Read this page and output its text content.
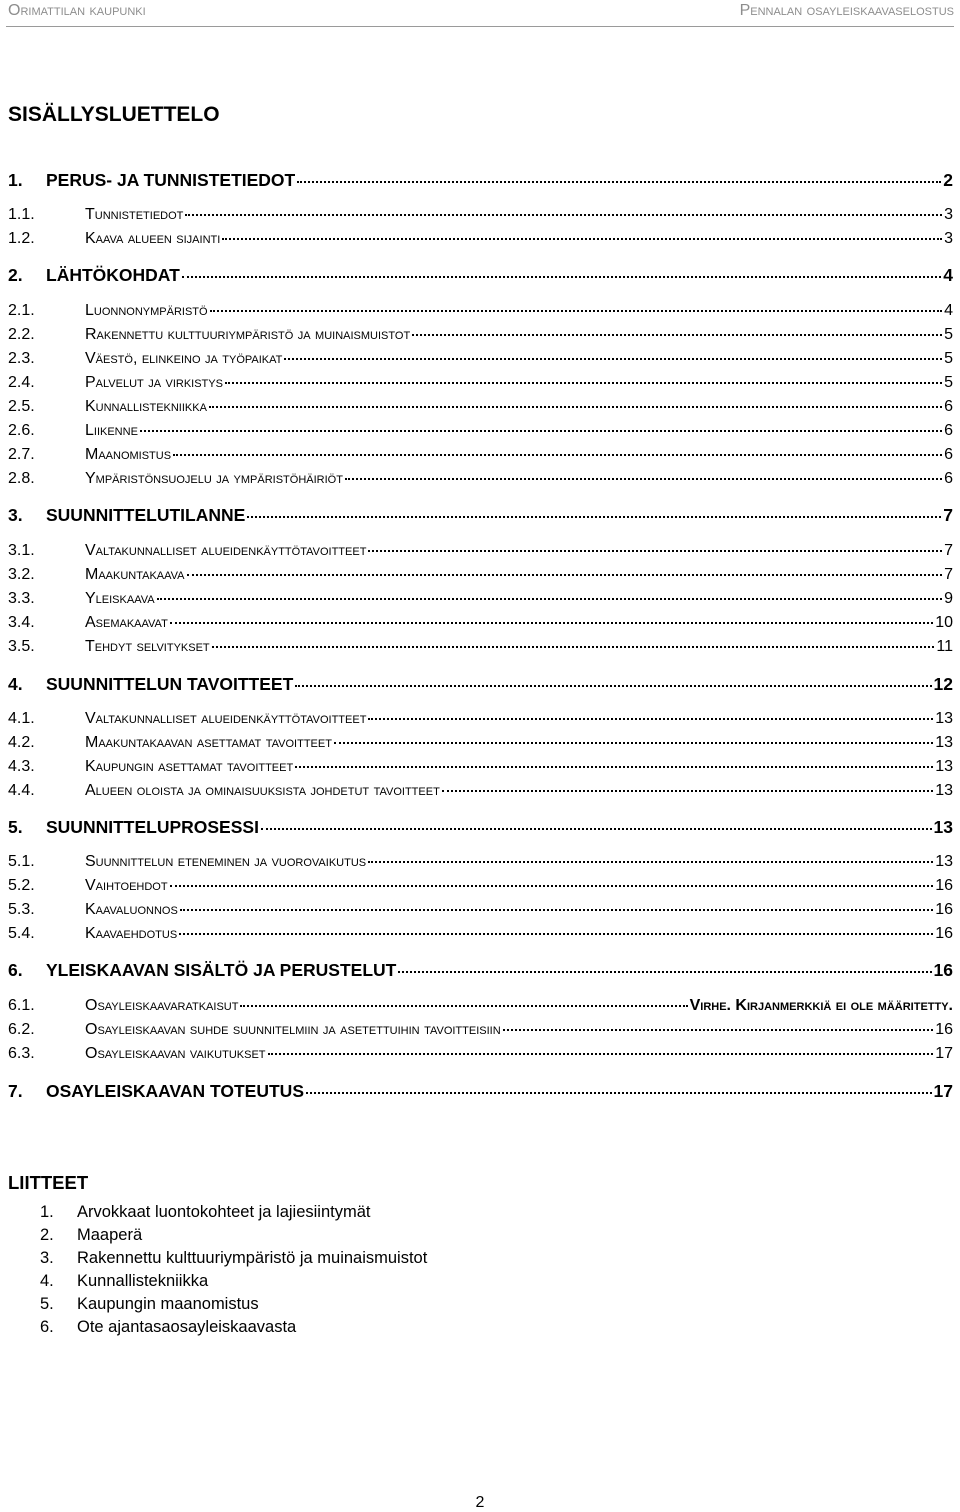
Orimattilan kaupunki	Pennalan osayleiskaavaselostus
SISÄLLYSLUETTELO
1.	PERUS- JA TUNNISTETIEDOT	2
1.1.	Tunnistetiedot	3
1.2.	Kaava alueen sijainti	3
2.	LÄHTÖKOHDAT	4
2.1.	Luonnonympäristö	4
2.2.	Rakennettu kulttuuriympäristö ja muinaismuistot	5
2.3.	Väestö, elinkeino ja työpaikat	5
2.4.	Palvelut ja virkistys	5
2.5.	Kunnallistekniikka	6
2.6.	Liikenne	6
2.7.	Maanomistus	6
2.8.	Ympäristönsuojelu ja ympäristöhäiriöt	6
3.	SUUNNITTELUTILANNE	7
3.1.	Valtakunnalliset alueidenkäyttötavoitteet	7
3.2.	Maakuntakaava	7
3.3.	Yleiskaava	9
3.4.	Asemakaavat	10
3.5.	Tehdyt selvitykset	11
4.	SUUNNITTELUN TAVOITTEET	12
4.1.	Valtakunnalliset alueidenkäyttötavoitteet	13
4.2.	Maakuntakaavan asettamat tavoitteet	13
4.3.	Kaupungin asettamat tavoitteet	13
4.4.	Alueen oloista ja ominaisuuksista johdetut tavoitteet	13
5.	SUUNNITTELUPROSESSI	13
5.1.	Suunnittelun eteneminen ja vuorovaikutus	13
5.2.	Vaihtoehdot	16
5.3.	Kaavaluonnos	16
5.4.	Kaavaehdotus	16
6.	YLEISKAAVAN SISÄLTÖ JA PERUSTELUT	16
6.1.	Osayleiskaavaratkaisut	Virhe. Kirjanmerkkiä ei ole määritetty.
6.2.	Osayleiskaavan suhde suunnitelmiin ja asetettuihin tavoitteisiin	16
6.3.	Osayleiskaavan vaikutukset	17
7.	OSAYLEISKAAVAN TOTEUTUS	17
LIITTEET
1.	Arvokkaat luontokohteet ja lajiesiintymät
2.	Maaperä
3.	Rakennettu kulttuuriympäristö ja muinaismuistot
4.	Kunnallistekniikka
5.	Kaupungin maanomistus
6.	Ote ajantasaosayleiskaavasta
2
